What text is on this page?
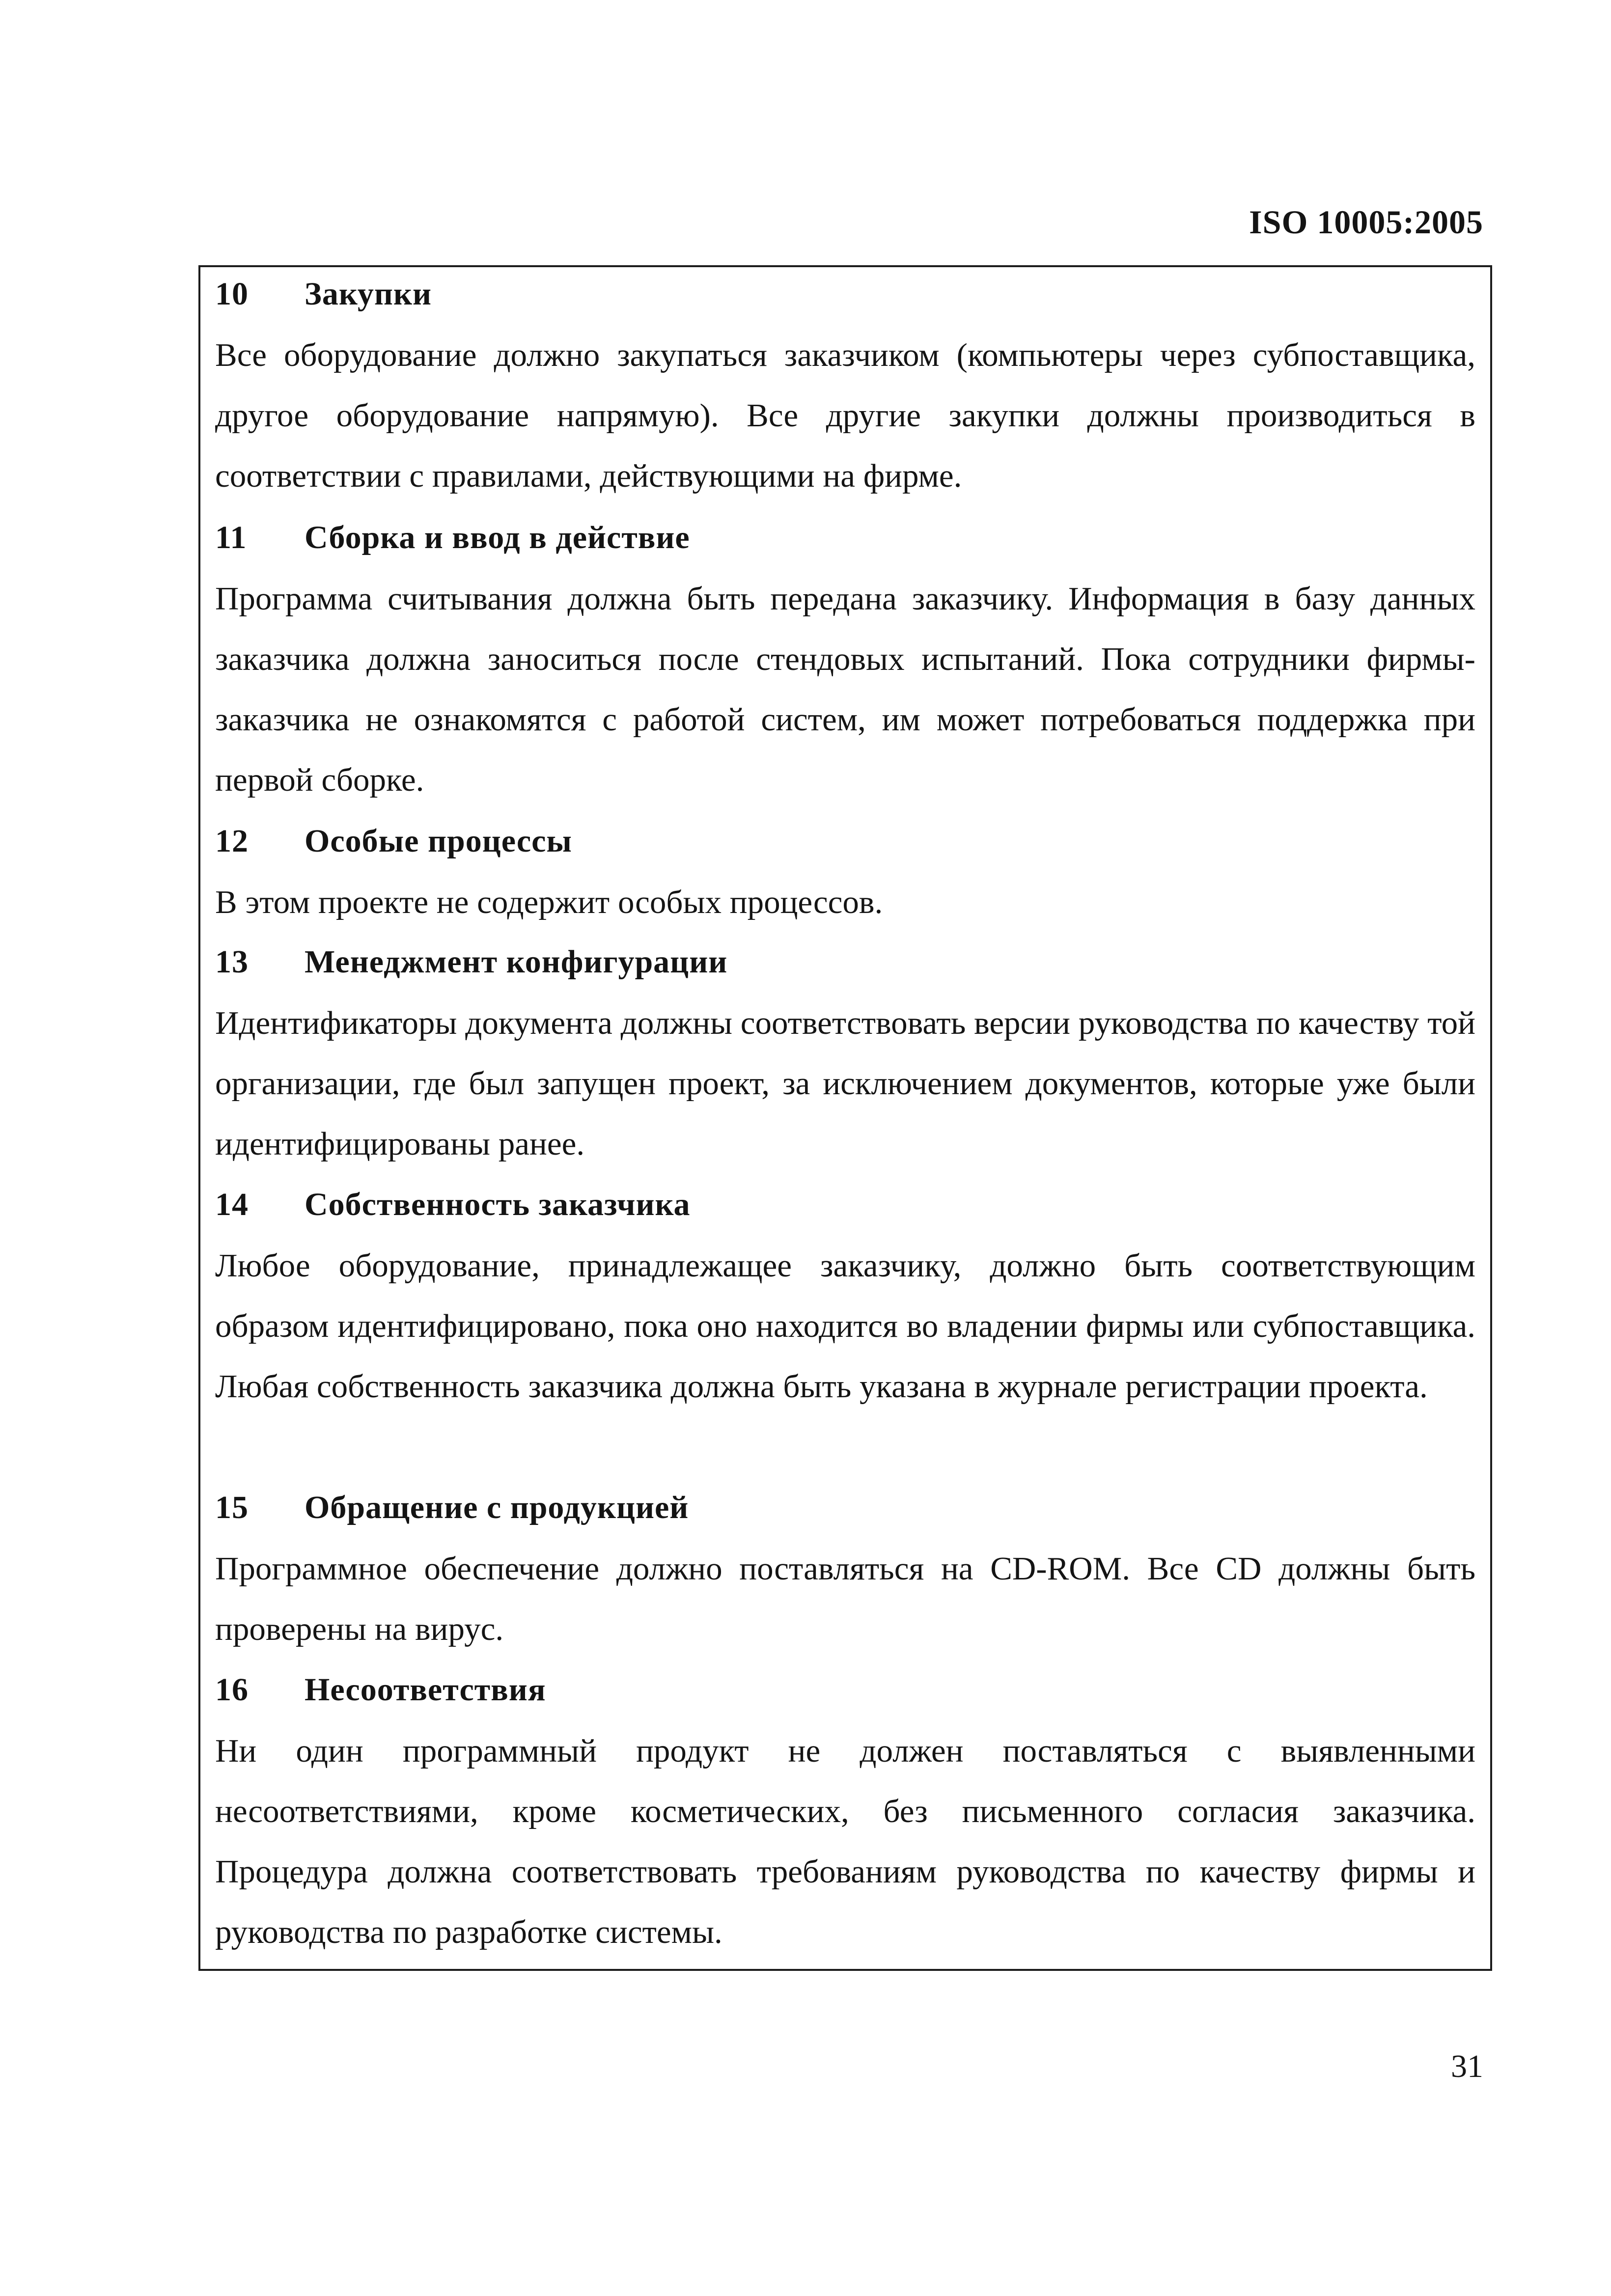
ISO 10005:2005
10	Закупки
Все оборудование должно закупаться заказчиком (компьютеры через субпоставщика, другое оборудование напрямую). Все другие закупки должны производиться в соответствии с правилами, действующими на фирме.
11	Сборка и ввод в действие
Программа считывания должна быть передана заказчику. Информация в базу данных заказчика должна заноситься после стендовых испытаний. Пока сотрудники фирмы-заказчика не ознакомятся с работой систем, им может потребоваться поддержка при первой сборке.
12	Особые процессы
В этом проекте не содержит особых процессов.
13	Менеджмент конфигурации
Идентификаторы документа должны соответствовать версии руководства по качеству той организации, где был запущен проект, за исключением документов, которые уже были идентифицированы ранее.
14	Собственность заказчика
Любое оборудование, принадлежащее заказчику, должно быть соответствующим образом идентифицировано, пока оно находится во владении фирмы или субпоставщика. Любая собственность заказчика должна быть указана в журнале регистрации проекта.
15	Обращение с продукцией
Программное обеспечение должно поставляться на CD-ROM. Все CD должны быть проверены на вирус.
16	Несоответствия
Ни один программный продукт не должен поставляться с выявленными несоответствиями, кроме косметических, без письменного согласия заказчика. Процедура должна соответствовать требованиям руководства по качеству фирмы и руководства по разработке системы.
31
